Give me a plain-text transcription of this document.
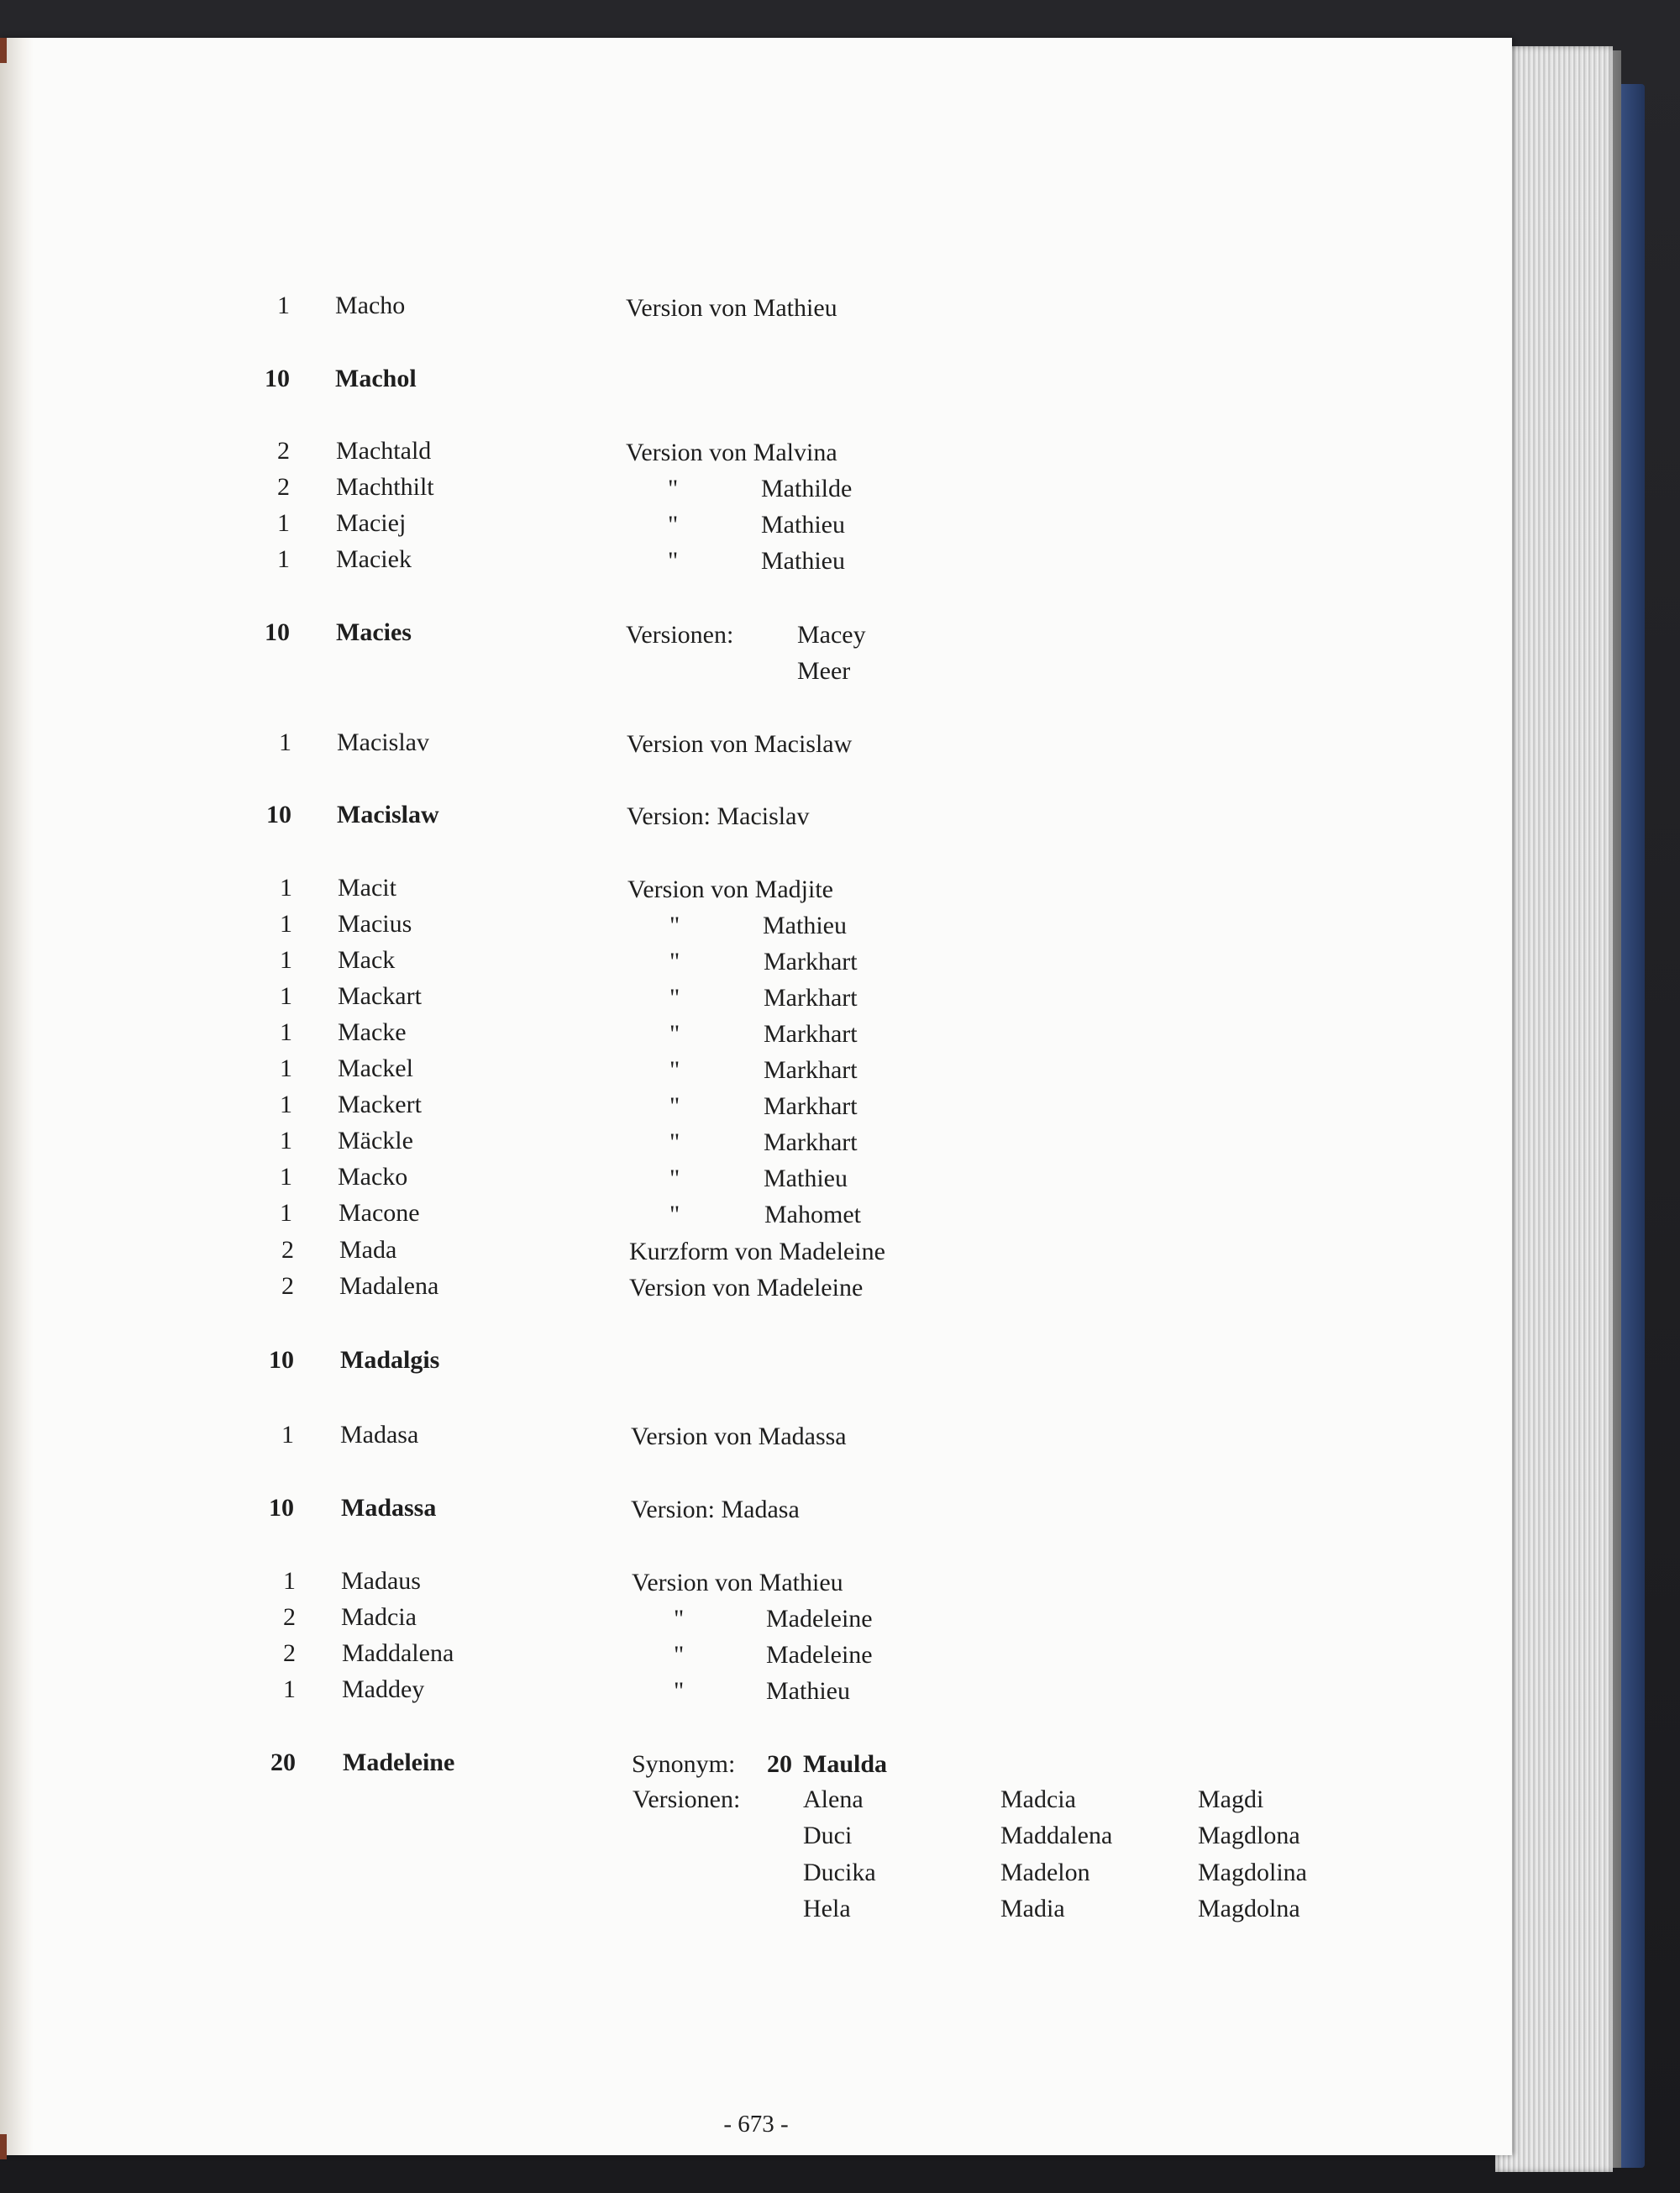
1 Macho	Version von Mathieu
10 Machol
2 Machtald	Version von Malvina
2 Machthilt	"	Mathilde
1 Maciej	"	Mathieu
1 Maciek	"	Mathieu
10 Macies	Versionen:	Macey
Meer
1 Macislav	Version von Macislaw
10 Macislaw	Version: Macislav
1 Macit	Version von Madjite
1 Macius	"	Mathieu
1 Mack	"	Markhart
1 Mackart	"	Markhart
1 Macke	"	Markhart
1 Mackel	"	Markhart
1 Mackert	"	Markhart
1 Mäckle	"	Markhart
1 Macko	"	Mathieu
1 Macone	"	Mahomet
2 Mada	Kurzform von Madeleine
2 Madalena	Version von Madeleine
10 Madalgis
1 Madasa	Version von Madassa
10 Madassa	Version: Madasa
1 Madaus	Version von Mathieu
2 Madcia	"	Madeleine
2 Maddalena	"	Madeleine
1 Maddey	"	Mathieu
20 Madeleine	Synonym: 20 Maulda
Versionen: Alena	Madcia	Magdi
Duci	Maddalena	Magdlona
Ducika	Madelon	Magdolina
Hela	Madia	Magdolna
- 673 -
